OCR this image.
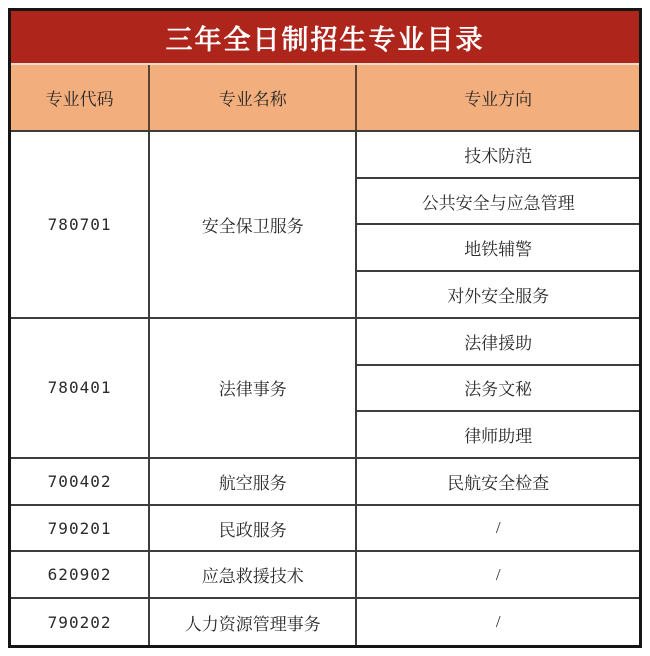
三年全日制招生专业目录
专业代码	专业名称	专业方向
780701	安全保卫服务	技术防范
		公共安全与应急管理
		地铁辅警
		对外安全服务
780401	法律事务	法律援助
		法务文秘
		律师助理
700402	航空服务	民航安全检查
790201	民政服务	/
620902	应急救援技术	/
790202	人力资源管理事务	/
